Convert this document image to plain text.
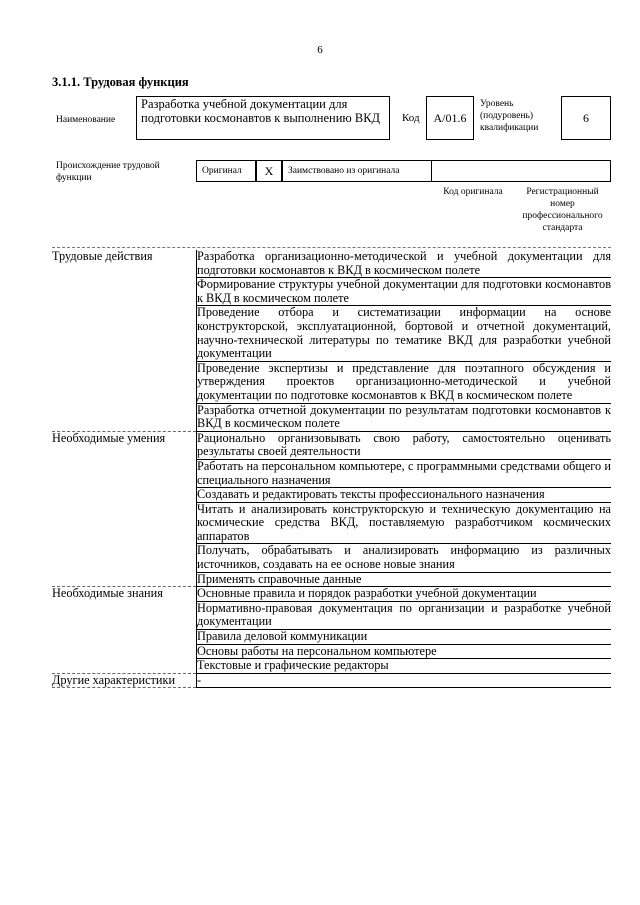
6
3.1.1. Трудовая функция
Наименование
Разработка учебной документации для подготовки космонавтов к выполнению ВКД	Код А/01.6
Уровень (подуровень) квалификации
6
Происхождение трудовой функции
Оригинал Х Заимствовано из оригинала
Код оригинала	Регистрационный номер профессионального стандарта
Трудовые действия	Разработка организационно-методической и учебной документации для подготовки космонавтов к ВКД в космическом полете
	Формирование структуры учебной документации для подготовки космонавтов к ВКД в космическом полете
	Проведение отбора и систематизации информации на основе конструкторской, эксплуатационной, бортовой и отчетной документаций, научно-технической литературы по тематике ВКД для разработки учебной документации
	Проведение экспертизы и представление для поэтапного обсуждения и утверждения проектов организационно-методической и учебной документации по подготовке космонавтов к ВКД в космическом полете
	Разработка отчетной документации по результатам подготовки космонавтов к ВКД в космическом полете
Необходимые умения	Рационально организовывать свою работу, самостоятельно оценивать результаты своей деятельности
	Работать на персональном компьютере, с программными средствами общего и специального назначения
	Создавать и редактировать тексты профессионального назначения
	Читать и анализировать конструкторскую и техническую документацию на космические средства ВКД, поставляемую разработчиком космических аппаратов
	Получать, обрабатывать и анализировать информацию из различных источников, создавать на ее основе новые знания
	Применять справочные данные
Необходимые знания	Основные правила и порядок разработки учебной документации
	Нормативно-правовая документация по организации и разработке учебной документации
	Правила деловой коммуникации
	Основы работы на персональном компьютере
	Текстовые и графические редакторы
Другие характеристики	-
